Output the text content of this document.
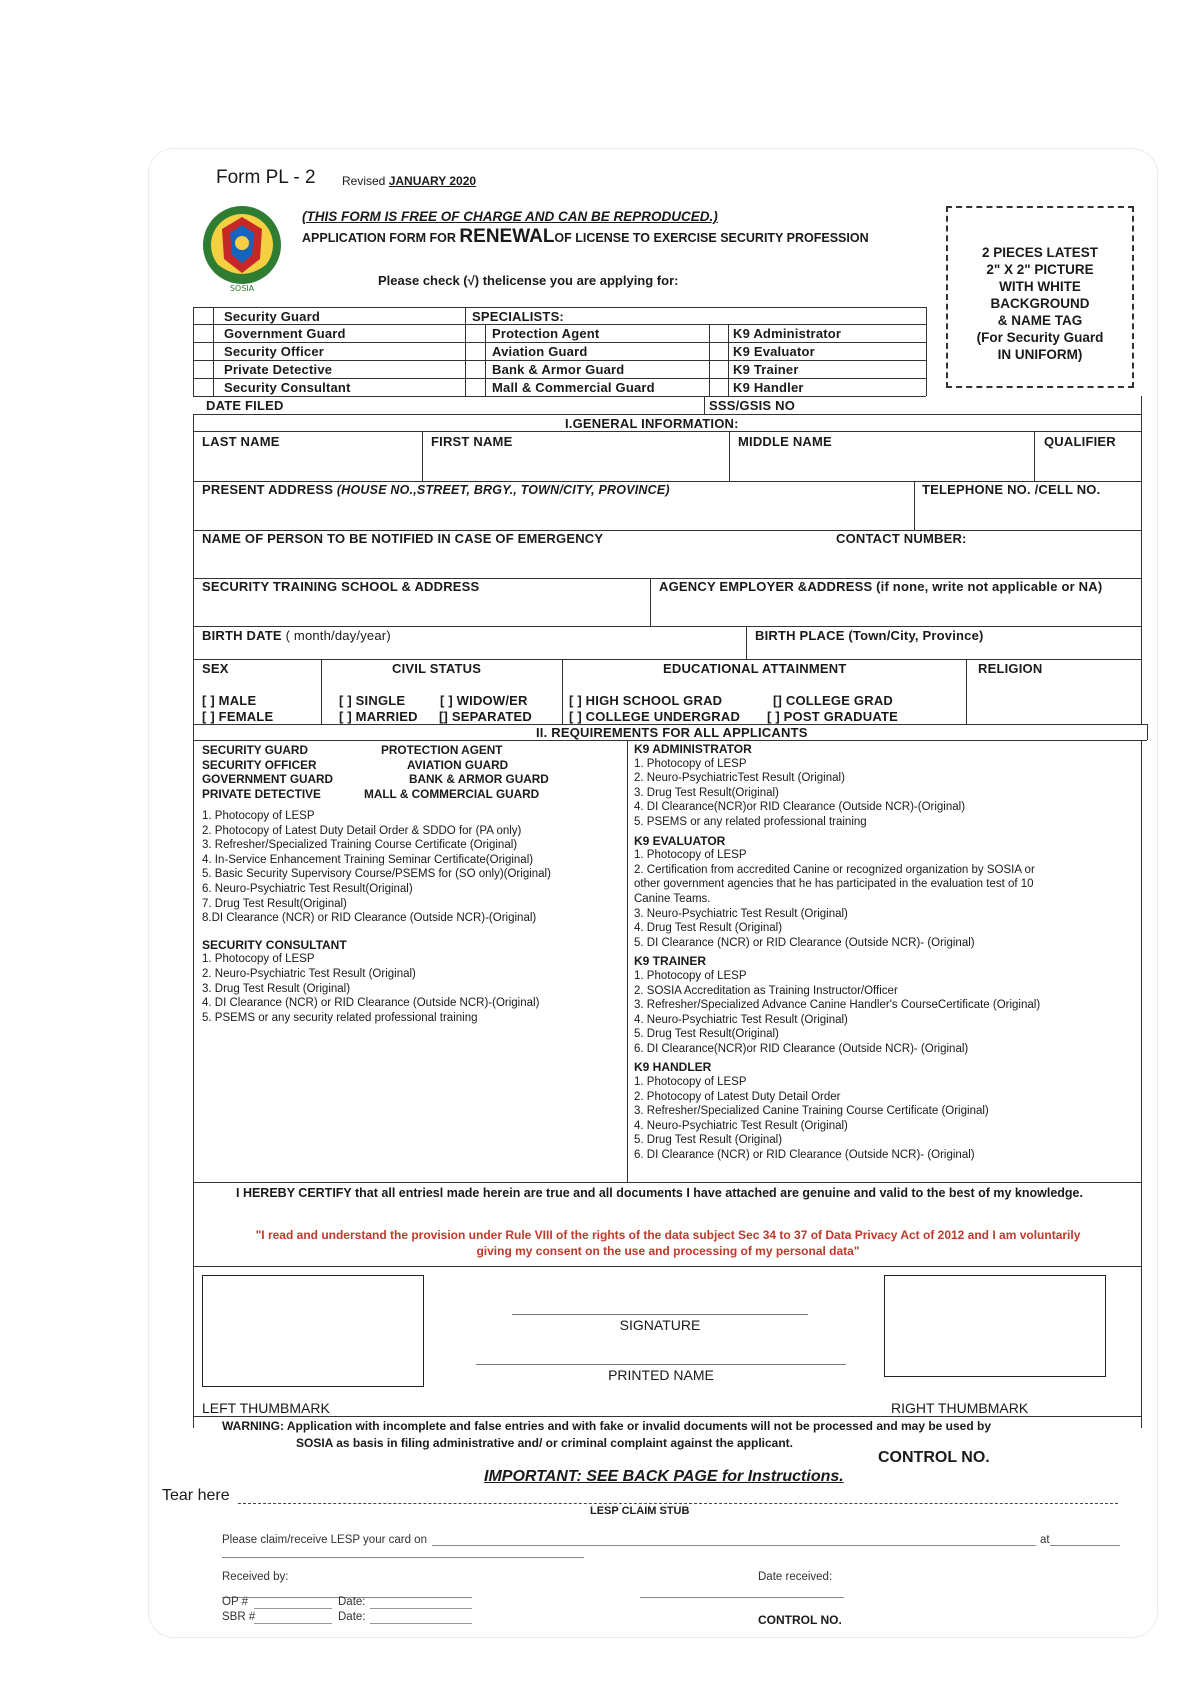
Form PL - 2 Revised JANUARY 2020
SOSIA
(THIS FORM IS FREE OF CHARGE AND CAN BE REPRODUCED.)
APPLICATION FORM FOR RENEWALOF LICENSE TO EXERCISE SECURITY PROFESSION
Please check (√) thelicense you are applying for:
2 PIECES LATEST
2" X 2" PICTURE
WITH WHITE
BACKGROUND
& NAME TAG
(For Security Guard
IN UNIFORM)
Security Guard
Government Guard
Security Officer
Private Detective
Security Consultant
SPECIALISTS:
Protection Agent
Aviation Guard
Bank & Armor Guard
Mall & Commercial Guard
K9 Administrator
K9 Evaluator
K9 Trainer
K9 Handler
DATE FILED	SSS/GSIS NO
I.GENERAL INFORMATION:
LAST NAME	FIRST NAME	MIDDLE NAME	QUALIFIER
PRESENT ADDRESS (HOUSE NO.,STREET, BRGY., TOWN/CITY, PROVINCE)	TELEPHONE NO. /CELL NO.
NAME OF PERSON TO BE NOTIFIED IN CASE OF EMERGENCY	CONTACT NUMBER:
SECURITY TRAINING SCHOOL & ADDRESS	AGENCY EMPLOYER &ADDRESS (if none, write not applicable or NA)
BIRTH DATE ( month/day/year)	BIRTH PLACE (Town/City, Province)
SEX	CIVIL STATUS	EDUCATIONAL ATTAINMENT	RELIGION
[ ] MALE
[ ] FEMALE
[ ] SINGLE	[ ] WIDOW/ER
[ ] MARRIED [] SEPARATED
[ ] HIGH SCHOOL GRAD	[] COLLEGE GRAD
[ ] COLLEGE UNDERGRAD [ ] POST GRADUATE
II. REQUIREMENTS FOR ALL APPLICANTS
SECURITY GUARD
SECURITY OFFICER
GOVERNMENT GUARD
PRIVATE DETECTIVE
PROTECTION AGENT
AVIATION GUARD
BANK & ARMOR GUARD
MALL & COMMERCIAL GUARD
1. Photocopy of LESP
2. Photocopy of Latest Duty Detail Order & SDDO for (PA only)
3. Refresher/Specialized Training Course Certificate (Original)
4. In-Service Enhancement Training Seminar Certificate(Original)
5. Basic Security Supervisory Course/PSEMS for (SO only)(Original)
6. Neuro-Psychiatric Test Result(Original)
7. Drug Test Result(Original)
8.DI Clearance (NCR) or RID Clearance (Outside NCR)-(Original)
SECURITY CONSULTANT
1. Photocopy of LESP
2. Neuro-Psychiatric Test Result (Original)
3. Drug Test Result (Original)
4. DI Clearance (NCR) or RID Clearance (Outside NCR)-(Original)
5. PSEMS or any security related professional training
K9 ADMINISTRATOR
1. Photocopy of LESP
2. Neuro-PsychiatricTest Result (Original)
3. Drug Test Result(Original)
4. DI Clearance(NCR)or RID Clearance (Outside NCR)-(Original)
5. PSEMS or any related professional training
K9 EVALUATOR
1. Photocopy of LESP
2. Certification from accredited Canine or recognized organization by SOSIA or
other government agencies that he has participated in the evaluation test of 10
Canine Teams.
3. Neuro-Psychiatric Test Result (Original)
4. Drug Test Result (Original)
5. DI Clearance (NCR) or RID Clearance (Outside NCR)- (Original)
K9 TRAINER
1. Photocopy of LESP
2. SOSIA Accreditation as Training Instructor/Officer
3. Refresher/Specialized Advance Canine Handler's CourseCertificate (Original)
4. Neuro-Psychiatric Test Result (Original)
5. Drug Test Result(Original)
6. DI Clearance(NCR)or RID Clearance (Outside NCR)- (Original)
K9 HANDLER
1. Photocopy of LESP
2. Photocopy of Latest Duty Detail Order
3. Refresher/Specialized Canine Training Course Certificate (Original)
4. Neuro-Psychiatric Test Result (Original)
5. Drug Test Result (Original)
6. DI Clearance (NCR) or RID Clearance (Outside NCR)- (Original)
I HEREBY CERTIFY that all entriesl made herein are true and all documents I have attached are genuine and valid to the best of my knowledge.
"I read and understand the provision under Rule VIII of the rights of the data subject Sec 34 to 37 of Data Privacy Act of 2012 and I am voluntarily
giving my consent on the use and processing of my personal data"
SIGNATURE
PRINTED NAME
LEFT THUMBMARK	RIGHT THUMBMARK
WARNING: Application with incomplete and false entries and with fake or invalid documents will not be processed and may be used by
SOSIA as basis in filing administrative and/ or criminal complaint against the applicant.
CONTROL NO.
IMPORTANT: SEE BACK PAGE for Instructions.
Tear here
LESP CLAIM STUB
Please claim/receive LESP your card on	at
Received by:	Date received:
OP #
SBR #
Date:
Date:	CONTROL NO.
